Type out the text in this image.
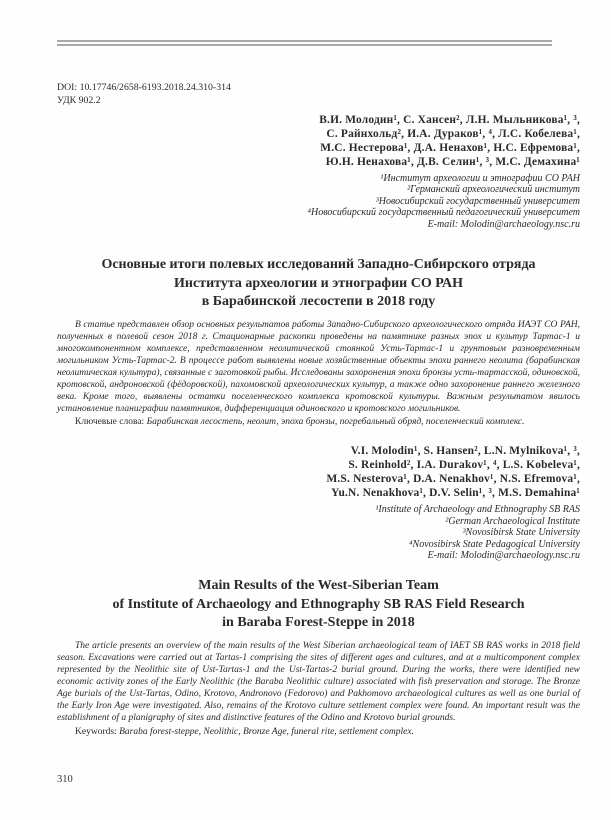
DOI: 10.17746/2658-6193.2018.24.310-314
УДК 902.2
В.И. Молодин¹, С. Хансен², Л.Н. Мыльникова¹, ³,
С. Райнхольд², И.А. Дураков¹, ⁴, Л.С. Кобелева¹,
М.С. Нестерова¹, Д.А. Ненахов¹, Н.С. Ефремова¹,
Ю.Н. Ненахова¹, Д.В. Селин¹, ³, М.С. Демахина¹
¹Институт археологии и этнографии СО РАН
²Германский археологический институт
³Новосибирский государственный университет
⁴Новосибирский государственный педагогический университет
E-mail: Molodin@archaeology.nsc.ru
Основные итоги полевых исследований Западно-Сибирского отряда
Института археологии и этнографии СО РАН
в Барабинской лесостепи в 2018 году

В статье представлен обзор основных результатов работы Западно-Сибирского археологического отряда ИАЭТ СО РАН, полученных в полевой сезон 2018 г. Стационарные раскопки проведены на памятнике разных эпох и культур Тартас-1 и многокомпонентном комплексе, представленном неолитической стоянкой Усть-Тартас-1 и грунтовым разновременным могильником Усть-Тартас-2. В процессе работ выявлены новые хозяйственные объекты эпохи раннего неолита (барабинская неолитическая культура), связанные с заготовкой рыбы. Исследованы захоронения эпохи бронзы усть-тартасской, одиновской, кротовской, андроновской (фёдоровской), пахомовской археологических культур, а также одно захоронение раннего железного века. Кроме того, выявлены остатки поселенческого комплекса кротовской культуры. Важным результатом явилось установление планиграфии памятников, дифференциация одиновского и кротовского могильников.

Ключевые слова: Барабинская лесостепь, неолит, эпоха бронзы, погребальный обряд, поселенческий комплекс.

V.I. Molodin¹, S. Hansen², L.N. Mylnikova¹, ³,
S. Reinhold², I.A. Durakov¹, ⁴, L.S. Kobeleva¹,
M.S. Nesterova¹, D.A. Nenakhov¹, N.S. Efremova¹,
Yu.N. Nenakhova¹, D.V. Selin¹, ³, M.S. Demahina¹
¹Institute of Archaeology and Ethnography SB RAS
²German Archaeological Institute
³Novosibirsk State University
⁴Novosibirsk State Pedagogical University
E-mail: Molodin@archaeology.nsc.ru
Main Results of the West-Siberian Team
of Institute of Archaeology and Ethnography SB RAS Field Research
in Baraba Forest-Steppe in 2018

The article presents an overview of the main results of the West Siberian archaeological team of IAET SB RAS works in 2018 field season. Excavations were carried out at Tartas-1 comprising the sites of different ages and cultures, and at a multicomponent complex represented by the Neolithic site of Ust-Tartas-1 and the Ust-Tartas-2 burial ground. During the works, there were identified new economic activity zones of the Early Neolithic (the Baraba Neolithic culture) associated with fish preservation and storage. The Bronze Age burials of the Ust-Tartas, Odino, Krotovo, Andronovo (Fedorovo) and Pakhomovo archaeological cultures as well as one burial of the Early Iron Age were investigated. Also, remains of the Krotovo culture settlement complex were found. An important result was the establishment of a planigraphy of sites and distinctive features of the Odino and Krotovo burial grounds.

Keywords: Baraba forest-steppe, Neolithic, Bronze Age, funeral rite, settlement complex.

310
